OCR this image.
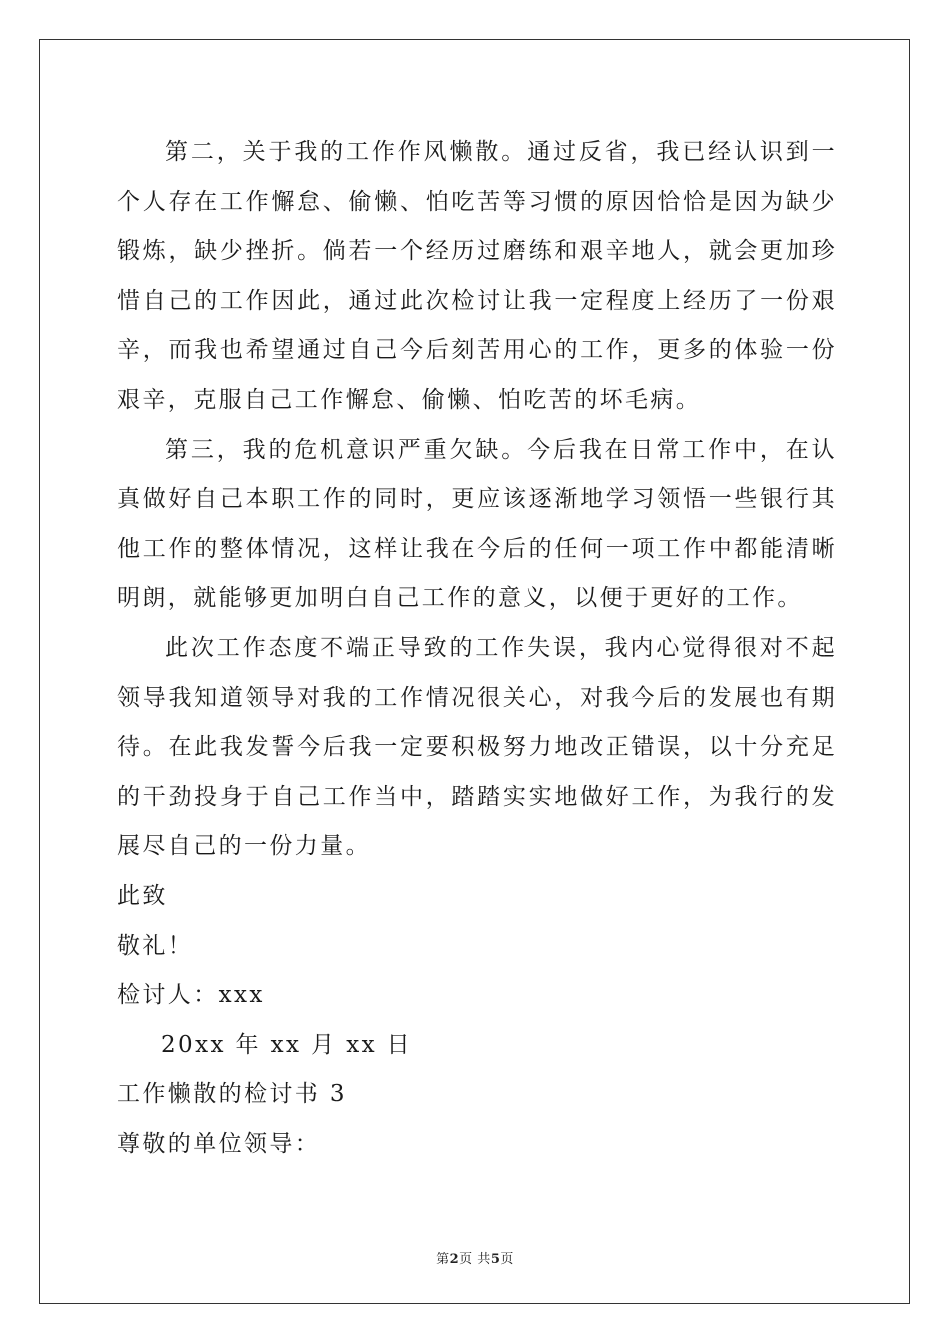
第二，关于我的工作作风懒散。通过反省，我已经认识到一个人存在工作懈怠、偷懒、怕吃苦等习惯的原因恰恰是因为缺少锻炼，缺少挫折。倘若一个经历过磨练和艰辛地人，就会更加珍惜自己的工作因此，通过此次检讨让我一定程度上经历了一份艰辛，而我也希望通过自己今后刻苦用心的工作，更多的体验一份艰辛，克服自己工作懈怠、偷懒、怕吃苦的坏毛病。

第三，我的危机意识严重欠缺。今后我在日常工作中，在认真做好自己本职工作的同时，更应该逐渐地学习领悟一些银行其他工作的整体情况，这样让我在今后的任何一项工作中都能清晰明朗，就能够更加明白自己工作的意义，以便于更好的工作。

此次工作态度不端正导致的工作失误，我内心觉得很对不起领导我知道领导对我的工作情况很关心，对我今后的发展也有期待。在此我发誓今后我一定要积极努力地改正错误，以十分充足的干劲投身于自己工作当中，踏踏实实地做好工作，为我行的发展尽自己的一份力量。

此致

敬礼！

检讨人：xxx

20xx 年 xx 月 xx 日

工作懒散的检讨书 3

尊敬的单位领导：

第2页 共5页
